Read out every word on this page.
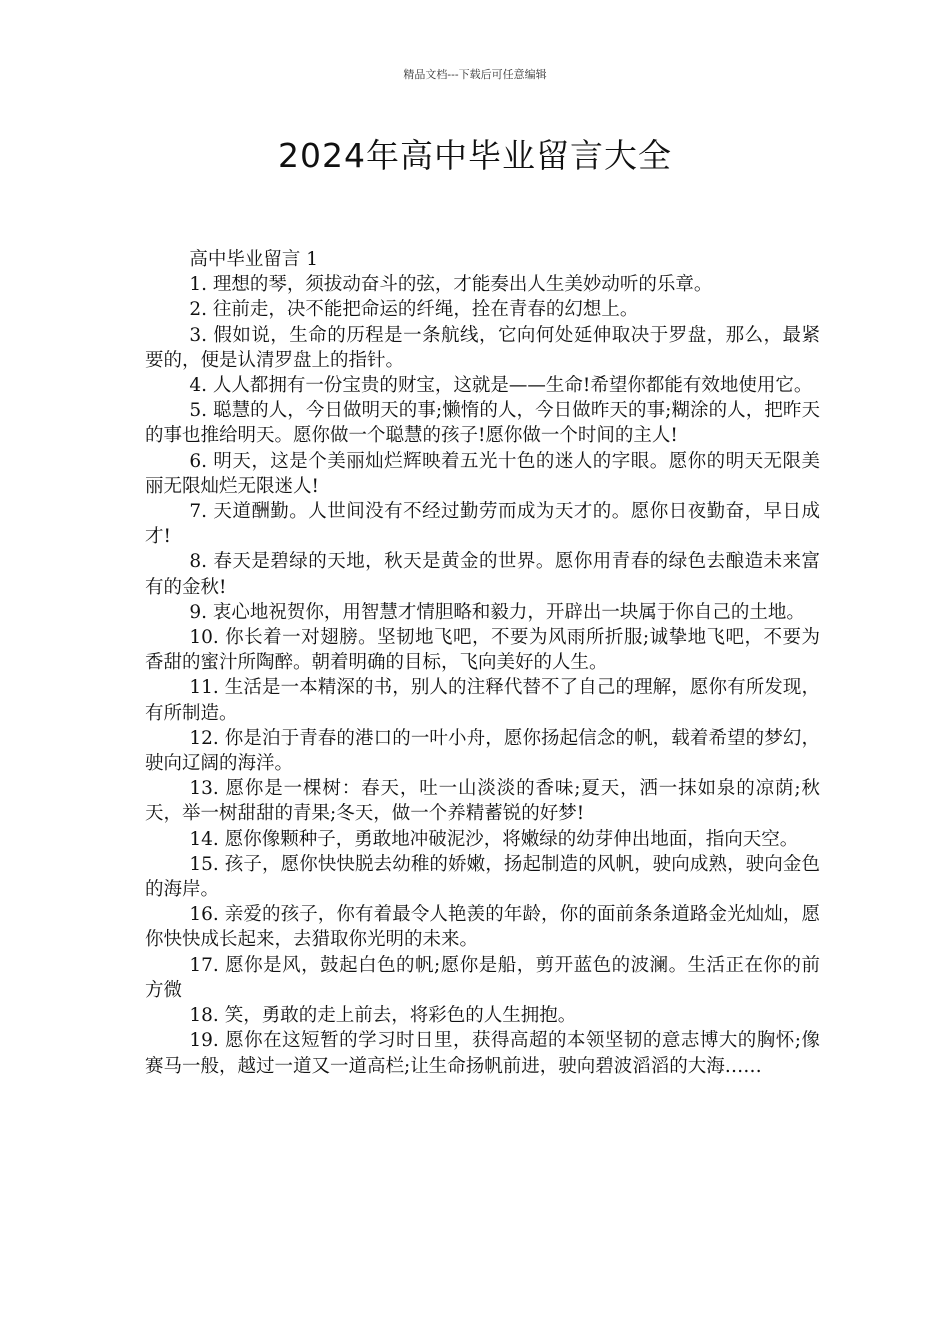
精品文档---下载后可任意编辑
2024年高中毕业留言大全

高中毕业留言 1

1. 理想的琴，须拔动奋斗的弦，才能奏出人生美妙动听的乐章。

2. 往前走，决不能把命运的纤绳，拴在青春的幻想上。

3. 假如说，生命的历程是一条航线，它向何处延伸取决于罗盘，那么，最紧要的，便是认清罗盘上的指针。

4. 人人都拥有一份宝贵的财宝，这就是——生命!希望你都能有效地使用它。

5. 聪慧的人，今日做明天的事;懒惰的人，今日做昨天的事;糊涂的人，把昨天的事也推给明天。愿你做一个聪慧的孩子!愿你做一个时间的主人!

6. 明天，这是个美丽灿烂辉映着五光十色的迷人的字眼。愿你的明天无限美丽无限灿烂无限迷人!

7. 天道酬勤。人世间没有不经过勤劳而成为天才的。愿你日夜勤奋，早日成才!

8. 春天是碧绿的天地，秋天是黄金的世界。愿你用青春的绿色去酿造未来富有的金秋!

9. 衷心地祝贺你，用智慧才情胆略和毅力，开辟出一块属于你自己的土地。

10. 你长着一对翅膀。坚韧地飞吧，不要为风雨所折服;诚挚地飞吧，不要为香甜的蜜汁所陶醉。朝着明确的目标，飞向美好的人生。

11. 生活是一本精深的书，别人的注释代替不了自己的理解，愿你有所发现，有所制造。

12. 你是泊于青春的港口的一叶小舟，愿你扬起信念的帆，载着希望的梦幻，驶向辽阔的海洋。

13. 愿你是一棵树：春天，吐一山淡淡的香味;夏天，洒一抹如泉的凉荫;秋天，举一树甜甜的青果;冬天，做一个养精蓄锐的好梦!

14. 愿你像颗种子，勇敢地冲破泥沙，将嫩绿的幼芽伸出地面，指向天空。

15. 孩子，愿你快快脱去幼稚的娇嫩，扬起制造的风帆，驶向成熟，驶向金色的海岸。

16. 亲爱的孩子，你有着最令人艳羡的年龄，你的面前条条道路金光灿灿，愿你快快成长起来，去猎取你光明的未来。

17. 愿你是风，鼓起白色的帆;愿你是船，剪开蓝色的波澜。生活正在你的前方微

18. 笑，勇敢的走上前去，将彩色的人生拥抱。

19. 愿你在这短暂的学习时日里，获得高超的本领坚韧的意志博大的胸怀;像赛马一般，越过一道又一道高栏;让生命扬帆前进，驶向碧波滔滔的大海……
